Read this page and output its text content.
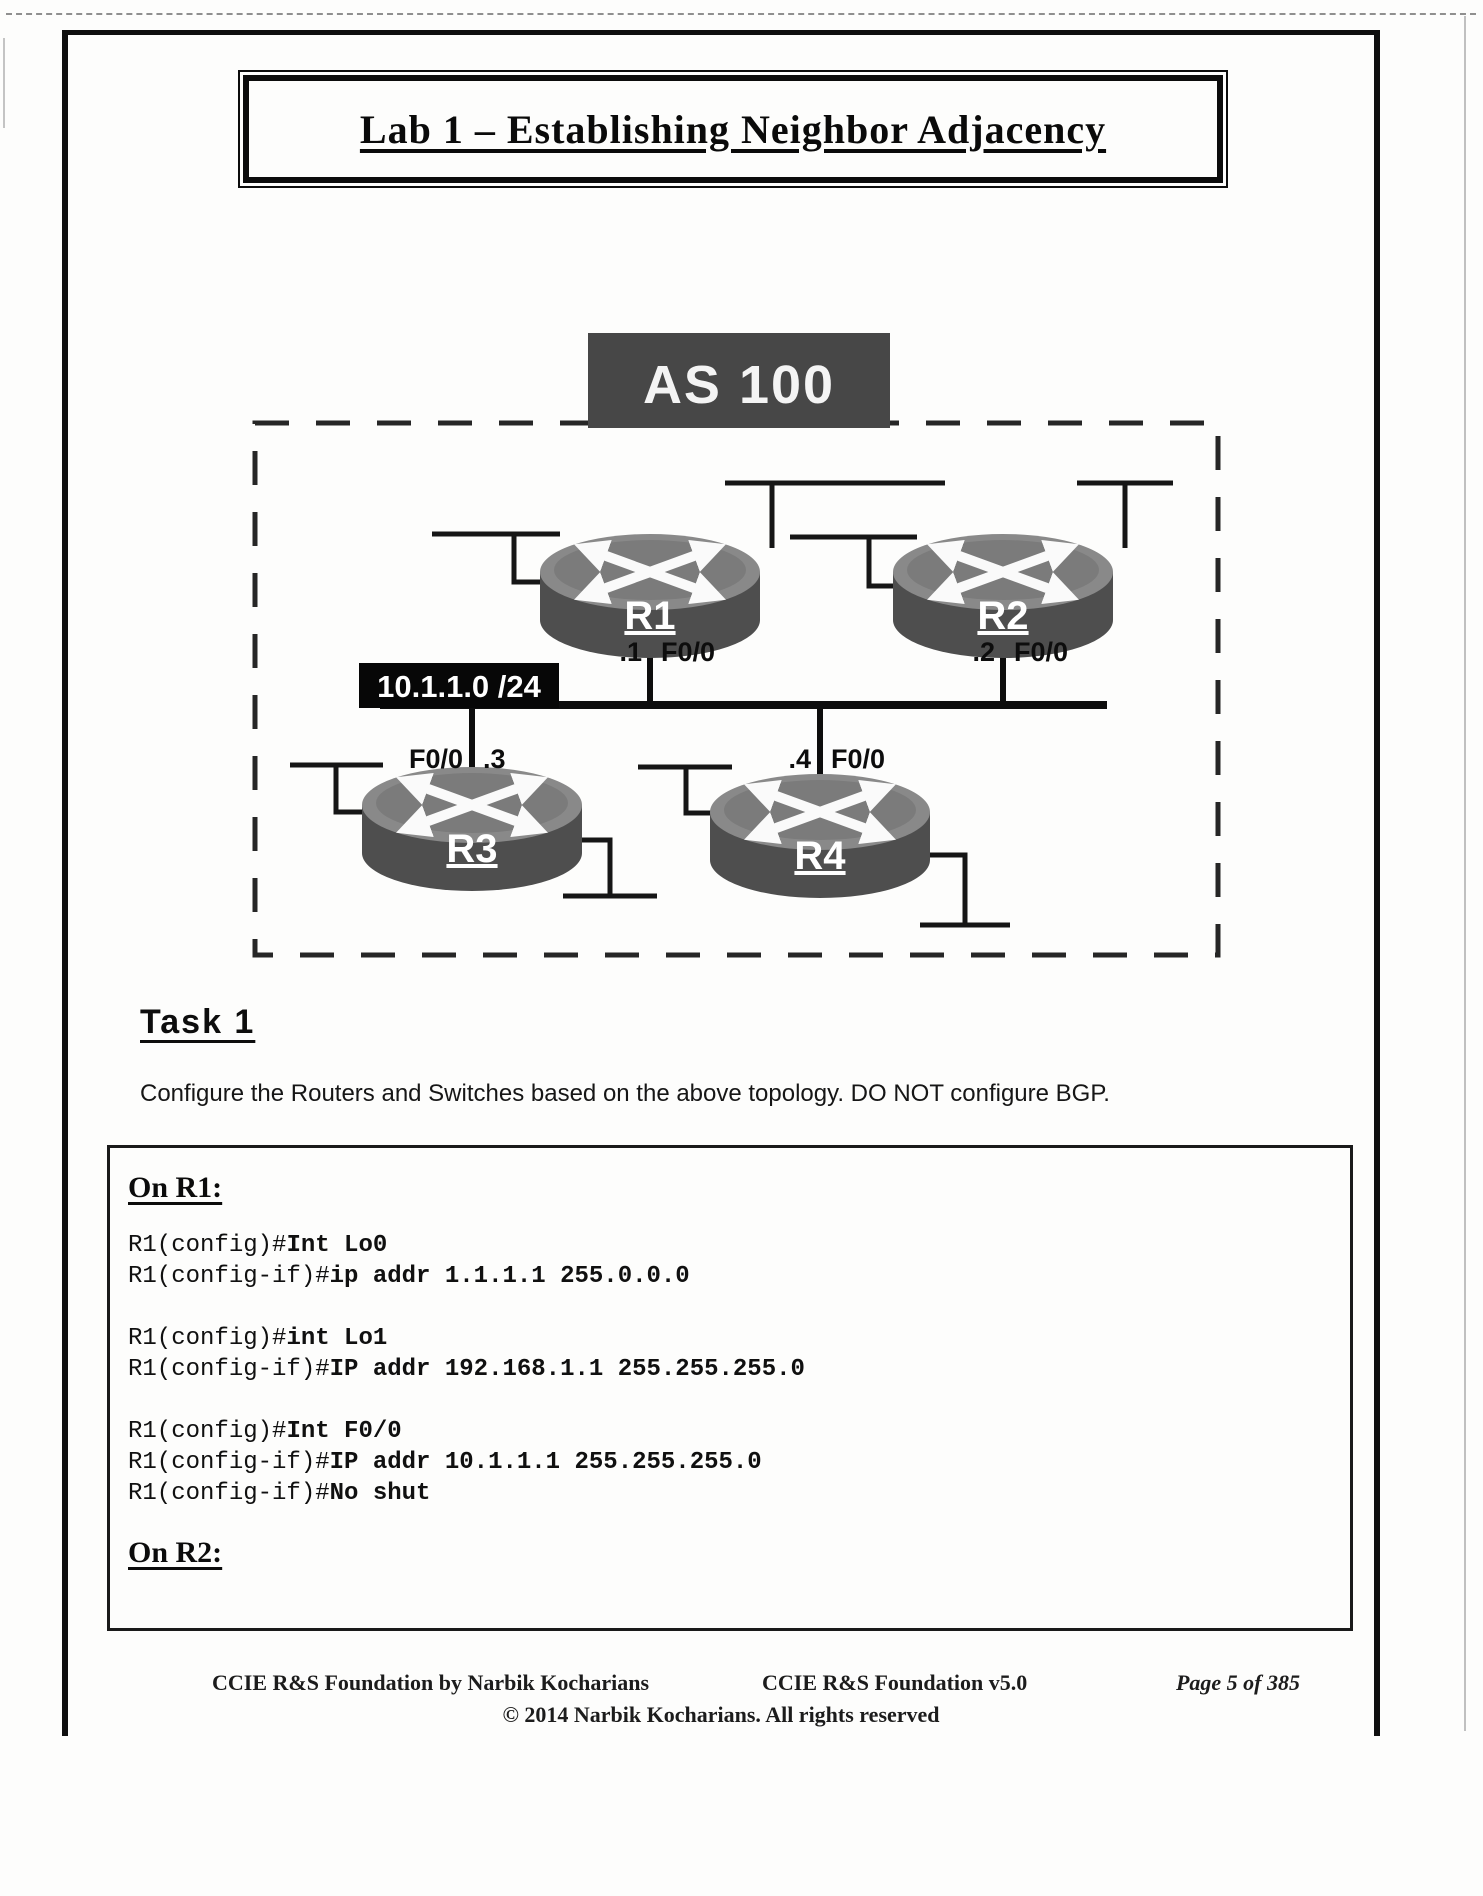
Lab 1 – Establishing Neighbor Adjacency
10.1.1.0 /24
AS 100
R1	R2
R3	R4
.1 F0/0	.2 F0/0
F0/0 .3	.4 F0/0
Task 1

Configure the Routers and Switches based on the above topology. DO NOT configure BGP.

On R1:
R1(config)#Int Lo0
R1(config-if)#ip addr 1.1.1.1 255.0.0.0
R1(config)#int Lo1
R1(config-if)#IP addr 192.168.1.1 255.255.255.0
R1(config)#Int F0/0
R1(config-if)#IP addr 10.1.1.1 255.255.255.0
R1(config-if)#No shut
On R2:
CCIE R&S Foundation by Narbik Kocharians	CCIE R&S Foundation v5.0	Page 5 of 385
© 2014 Narbik Kocharians. All rights reserved
